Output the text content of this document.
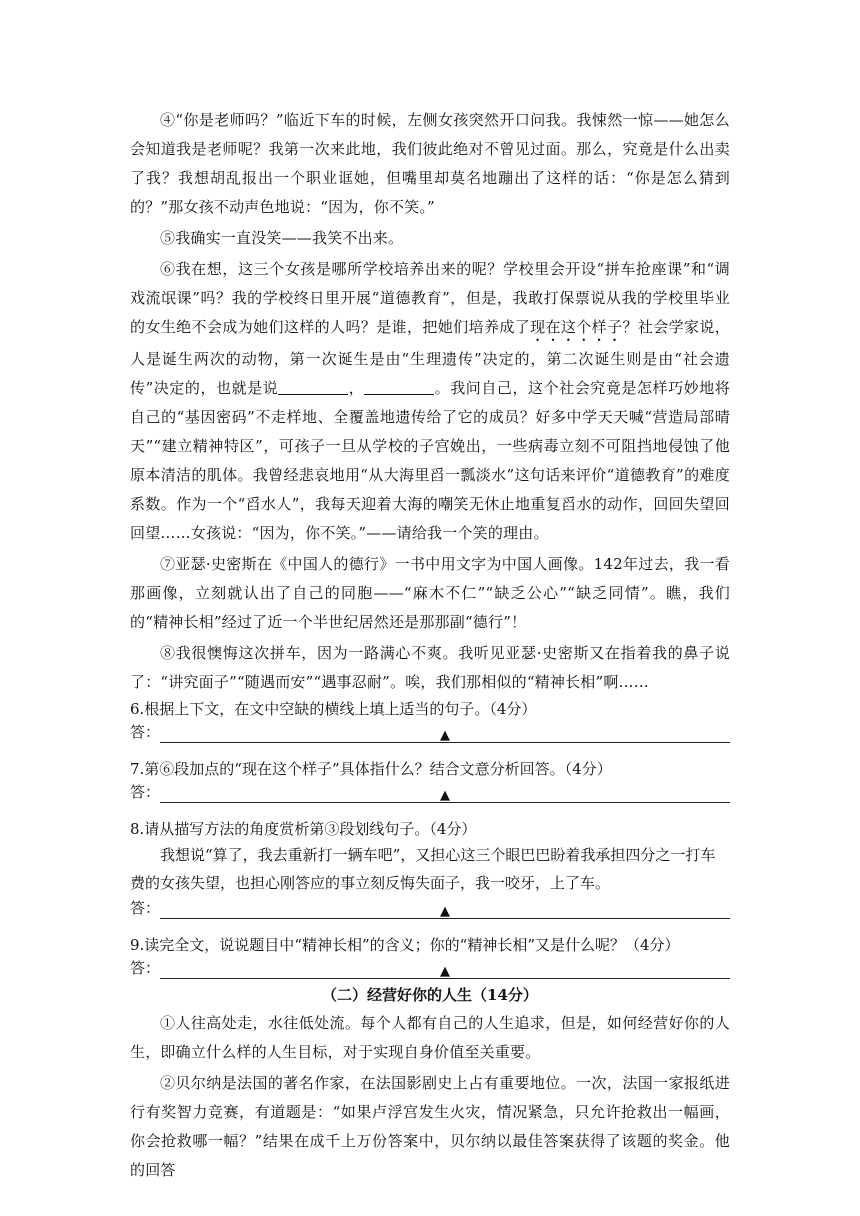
④“你是老师吗？”临近下车的时候，左侧女孩突然开口问我。我悚然一惊——她怎么会知道我是老师呢？我第一次来此地，我们彼此绝对不曾见过面。那么，究竟是什么出卖了我？我想胡乱报出一个职业诓她，但嘴里却莫名地蹦出了这样的话：“你是怎么猜到的？”那女孩不动声色地说：“因为，你不笑。”

⑤我确实一直没笑——我笑不出来。

⑥我在想，这三个女孩是哪所学校培养出来的呢？学校里会开设“拼车抢座课”和“调戏流氓课”吗？我的学校终日里开展“道德教育”，但是，我敢打保票说从我的学校里毕业的女生绝不会成为她们这样的人吗？是谁，把她们培养成了现在这个样子？社会学家说，人是诞生两次的动物，第一次诞生是由“生理遗传”决定的，第二次诞生则是由“社会遗传”决定的，也就是说	，	。我问自己，这个社会究竟是怎样巧妙地将自己的“基因密码”不走样地、全覆盖地遗传给了它的成员？好多中学天天喊“营造局部晴天”“建立精神特区”，可孩子一旦从学校的子宫娩出，一些病毒立刻不可阻挡地侵蚀了他原本清洁的肌体。我曾经悲哀地用“从大海里舀一瓢淡水”这句话来评价“道德教育”的难度系数。作为一个“舀水人”，我每天迎着大海的嘲笑无休止地重复舀水的动作，回回失望回回望……女孩说：“因为，你不笑。”——请给我一个笑的理由。

⑦亚瑟·史密斯在《中国人的德行》一书中用文字为中国人画像。142年过去，我一看那画像，立刻就认出了自己的同胞——“麻木不仁”“缺乏公心”“缺乏同情”。瞧，我们的“精神长相”经过了近一个半世纪居然还是那那副“德行”！

⑧我很懊悔这次拼车，因为一路满心不爽。我听见亚瑟·史密斯又在指着我的鼻子说了：“讲究面子”“随遇而安”“遇事忍耐”。唉，我们那相似的“精神长相”啊……

6.根据上下文，在文中空缺的横线上填上适当的句子。（4分）

答：	▲

7.第⑥段加点的“现在这个样子”具体指什么？结合文意分析回答。（4分）

答：	▲

8.请从描写方法的角度赏析第③段划线句子。（4分）

我想说“算了，我去重新打一辆车吧”，又担心这三个眼巴巴盼着我承担四分之一打车费的女孩失望，也担心刚答应的事立刻反悔失面子，我一咬牙，上了车。

答：	▲

9.读完全文，说说题目中“精神长相”的含义；你的“精神长相”又是什么呢？（4分）

答：	▲

（二）经营好你的人生（14分）

①人往高处走，水往低处流。每个人都有自己的人生追求，但是，如何经营好你的人生，即确立什么样的人生目标，对于实现自身价值至关重要。

②贝尔纳是法国的著名作家，在法国影剧史上占有重要地位。一次，法国一家报纸进行有奖智力竞赛，有道题是：“如果卢浮宫发生火灾，情况紧急，只允许抢救出一幅画，你会抢救哪一幅？”结果在成千上万份答案中，贝尔纳以最佳答案获得了该题的奖金。他的回答
